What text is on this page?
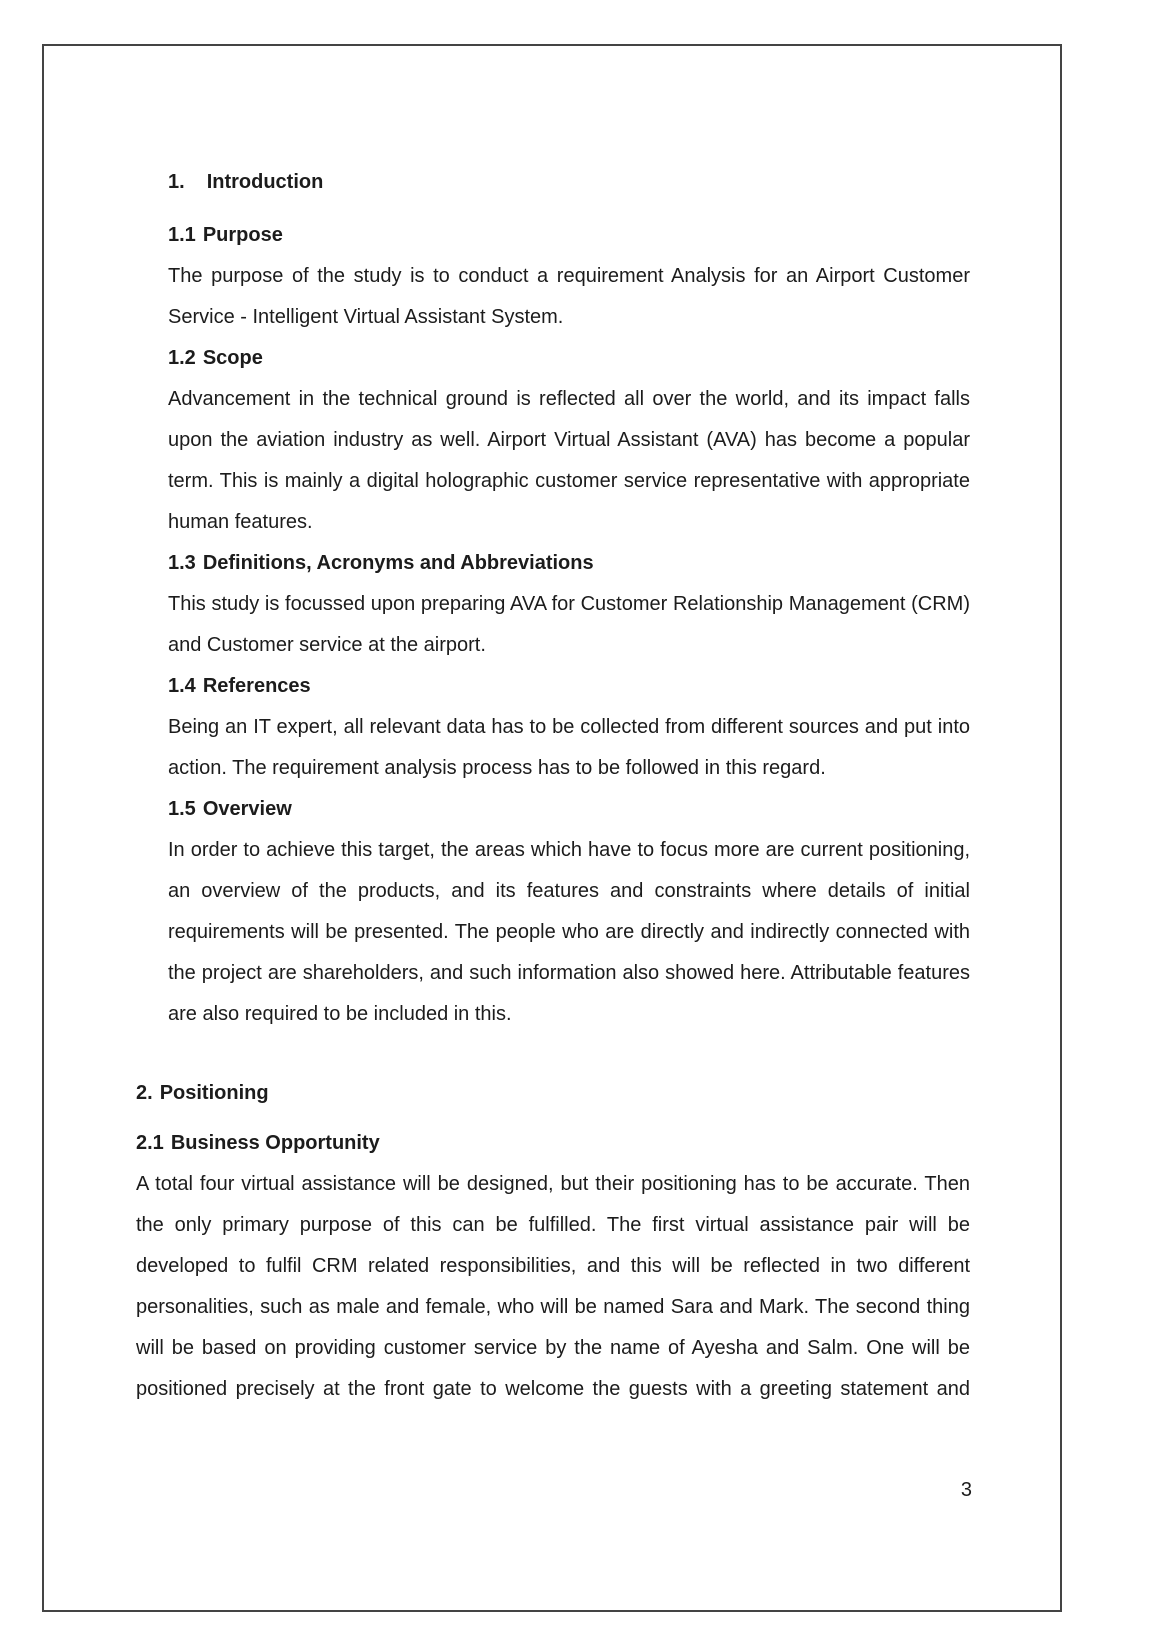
1. Introduction
1.1 Purpose

The purpose of the study is to conduct a requirement Analysis for an Airport Customer Service - Intelligent Virtual Assistant System.

1.2 Scope

Advancement in the technical ground is reflected all over the world, and its impact falls upon the aviation industry as well. Airport Virtual Assistant (AVA) has become a popular term. This is mainly a digital holographic customer service representative with appropriate human features.

1.3 Definitions, Acronyms and Abbreviations

This study is focussed upon preparing AVA for Customer Relationship Management (CRM) and Customer service at the airport.

1.4 References

Being an IT expert, all relevant data has to be collected from different sources and put into action. The requirement analysis process has to be followed in this regard.

1.5 Overview

In order to achieve this target, the areas which have to focus more are current positioning, an overview of the products, and its features and constraints where details of initial requirements will be presented. The people who are directly and indirectly connected with the project are shareholders, and such information also showed here. Attributable features are also required to be included in this.

2. Positioning
2.1 Business Opportunity

A total four virtual assistance will be designed, but their positioning has to be accurate. Then the only primary purpose of this can be fulfilled. The first virtual assistance pair will be developed to fulfil CRM related responsibilities, and this will be reflected in two different personalities, such as male and female, who will be named Sara and Mark. The second thing will be based on providing customer service by the name of Ayesha and Salm. One will be positioned precisely at the front gate to welcome the guests with a greeting statement and

3
